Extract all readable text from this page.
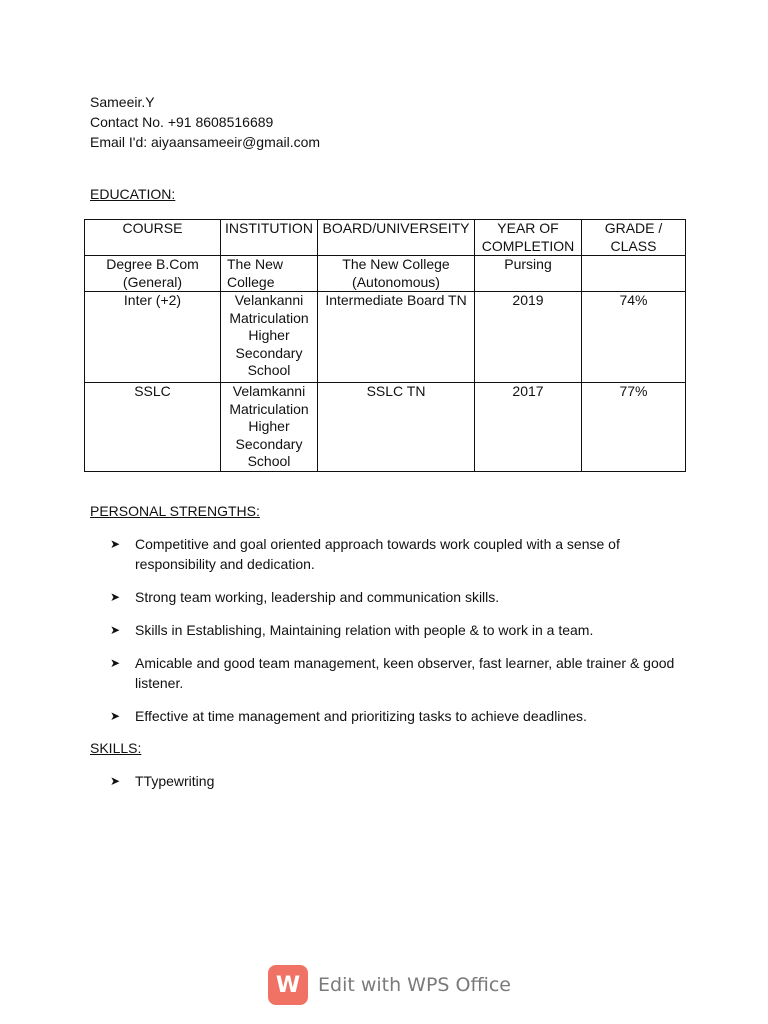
Sameeir.Y
Contact No. +91 8608516689
Email I'd: aiyaansameeir@gmail.com
EDUCATION:
COURSE	INSTITUTION	BOARD/UNIVERSEITY	YEAR OF COMPLETION	GRADE / CLASS
Degree B.Com (General)	The New College	The New College (Autonomous)	Pursing	
Inter (+2)	Velankanni Matriculation Higher Secondary School	Intermediate Board TN	2019	74%
SSLC	Velamkanni Matriculation Higher Secondary School	SSLC TN	2017	77%
PERSONAL STRENGTHS:
➤ Competitive and goal oriented approach towards work coupled with a sense of responsibility and dedication.
➤ Strong team working, leadership and communication skills.
➤ Skills in Establishing, Maintaining relation with people & to work in a team.
➤ Amicable and good team management, keen observer, fast learner, able trainer & good listener.
➤ Effective at time management and prioritizing tasks to achieve deadlines.
SKILLS:
➤ TTypewriting
W Edit with WPS Office
